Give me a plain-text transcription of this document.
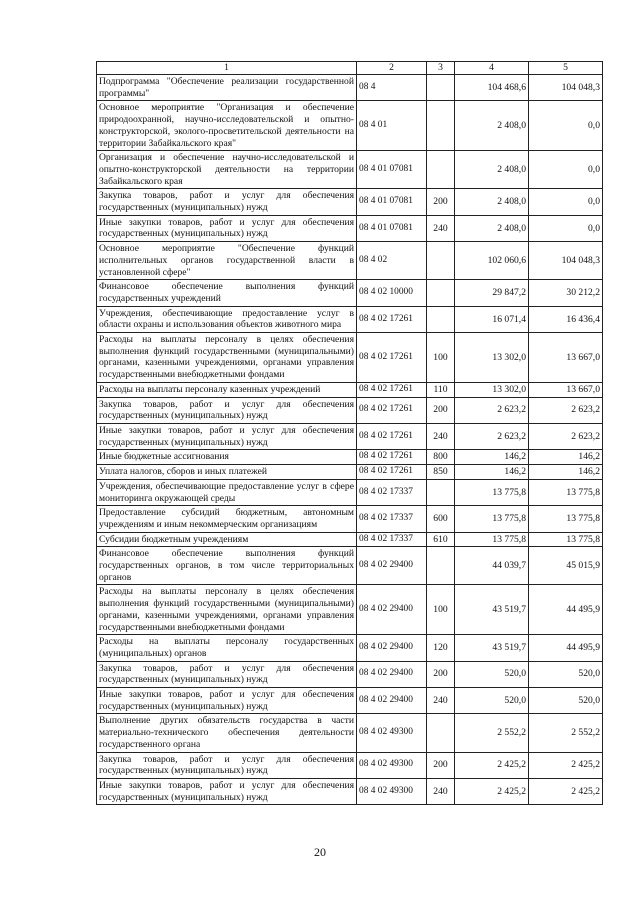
1	2	3	4	5
Подпрограмма "Обеспечение реализации государственной программы"	08 4		104 468,6	104 048,3
Основное мероприятие "Организация и обеспечение природоохранной, научно-исследовательской и опытно- конструкторской, эколого-просветительской деятельности на территории Забайкальского края"	08 4 01		2 408,0	0,0
Организация и обеспечение научно-исследовательской и опытно-конструкторской деятельности на территории Забайкальского края	08 4 01 07081		2 408,0	0,0
Закупка товаров, работ и услуг для обеспечения государственных (муниципальных) нужд	08 4 01 07081	200	2 408,0	0,0
Иные закупки товаров, работ и услуг для обеспечения государственных (муниципальных) нужд	08 4 01 07081	240	2 408,0	0,0
Основное мероприятие "Обеспечение функций исполнительных органов государственной власти в установленной сфере"	08 4 02		102 060,6	104 048,3
Финансовое обеспечение выполнения функций государственных учреждений	08 4 02 10000		29 847,2	30 212,2
Учреждения, обеспечивающие предоставление услуг в области охраны и использования объектов животного мира	08 4 02 17261		16 071,4	16 436,4
Расходы на выплаты персоналу в целях обеспечения выполнения функций государственными (муниципальными) органами, казенными учреждениями, органами управления государственными внебюджетными фондами	08 4 02 17261	100	13 302,0	13 667,0
Расходы на выплаты персоналу казенных учреждений	08 4 02 17261	110	13 302,0	13 667,0
Закупка товаров, работ и услуг для обеспечения государственных (муниципальных) нужд	08 4 02 17261	200	2 623,2	2 623,2
Иные закупки товаров, работ и услуг для обеспечения государственных (муниципальных) нужд	08 4 02 17261	240	2 623,2	2 623,2
Иные бюджетные ассигнования	08 4 02 17261	800	146,2	146,2
Уплата налогов, сборов и иных платежей	08 4 02 17261	850	146,2	146,2
Учреждения, обеспечивающие предоставление услуг в сфере мониторинга окружающей среды	08 4 02 17337		13 775,8	13 775,8
Предоставление субсидий бюджетным, автономным учреждениям и иным некоммерческим организациям	08 4 02 17337	600	13 775,8	13 775,8
Субсидии бюджетным учреждениям	08 4 02 17337	610	13 775,8	13 775,8
Финансовое обеспечение выполнения функций государственных органов, в том числе территориальных органов	08 4 02 29400		44 039,7	45 015,9
Расходы на выплаты персоналу в целях обеспечения выполнения функций государственными (муниципальными) органами, казенными учреждениями, органами управления государственными внебюджетными фондами	08 4 02 29400	100	43 519,7	44 495,9
Расходы на выплаты персоналу государственных (муниципальных) органов	08 4 02 29400	120	43 519,7	44 495,9
Закупка товаров, работ и услуг для обеспечения государственных (муниципальных) нужд	08 4 02 29400	200	520,0	520,0
Иные закупки товаров, работ и услуг для обеспечения государственных (муниципальных) нужд	08 4 02 29400	240	520,0	520,0
Выполнение других обязательств государства в части материально-технического обеспечения деятельности государственного органа	08 4 02 49300		2 552,2	2 552,2
Закупка товаров, работ и услуг для обеспечения государственных (муниципальных) нужд	08 4 02 49300	200	2 425,2	2 425,2
Иные закупки товаров, работ и услуг для обеспечения государственных (муниципальных) нужд	08 4 02 49300	240	2 425,2	2 425,2
20
